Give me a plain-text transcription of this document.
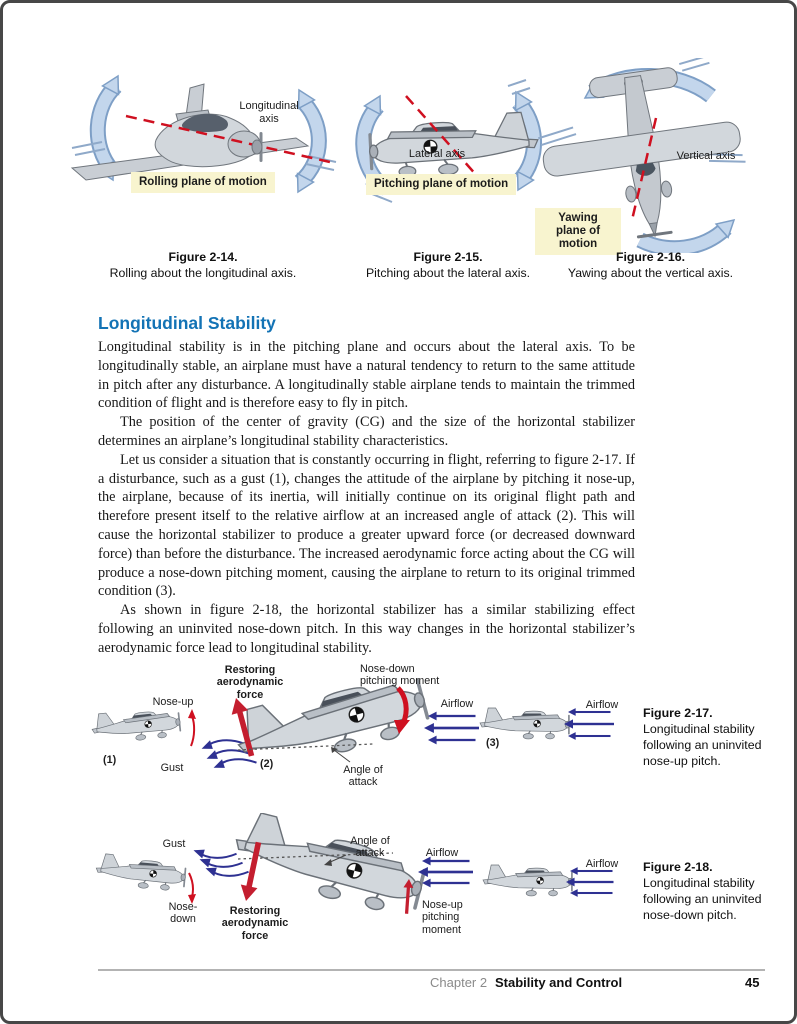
Longitudinal axis
Rolling plane of motion
Figure 2-14.
Rolling about the longitudinal axis.
Lateral axis
Pitching plane of motion
Figure 2-15.
Pitching about the lateral axis.
Vertical axis
Yawing plane of motion
Figure 2-16.
Yawing about the vertical axis.
Longitudinal Stability

Longitudinal stability is in the pitching plane and occurs about the lateral axis. To be longitudinally stable, an airplane must have a natural tendency to return to the same attitude in pitch after any disturbance. A longitudinally stable airplane tends to maintain the trimmed condition of flight and is therefore easy to fly in pitch.

The position of the center of gravity (CG) and the size of the horizontal stabilizer determines an airplane’s longitudinal stability characteristics.

Let us consider a situation that is constantly occurring in flight, referring to figure 2-17. If a disturbance, such as a gust (1), changes the attitude of the airplane by pitching it nose-up, the airplane, because of its inertia, will initially continue on its original flight path and therefore present itself to the relative airflow at an increased angle of attack (2). This will cause the horizontal stabilizer to produce a greater upward force (or decreased downward force) than before the disturbance. The increased aerodynamic force acting about the CG will produce a nose-down pitching moment, causing the airplane to return to its original trimmed condition (3).

As shown in figure 2-18, the horizontal stabilizer has a similar stabilizing effect following an uninvited nose-down pitch. In this way changes in the horizontal stabilizer’s aerodynamic force lead to longitudinal stability.

(1)
Nose-up
Gust
Restoring aerodynamic force
(2)	Angle of attack
Nose-down pitching moment
Airflow
(3)
Airflow
Figure 2-17.
Longitudinal stability following an uninvited nose-up pitch.
Gust
Nose-down
Angle of attack
Restoring aerodynamic force
Airflow
Nose-up pitching moment
Airflow	Figure 2-18.
Longitudinal stability following an uninvited nose-down pitch.
Chapter 2 Stability and Control	45
